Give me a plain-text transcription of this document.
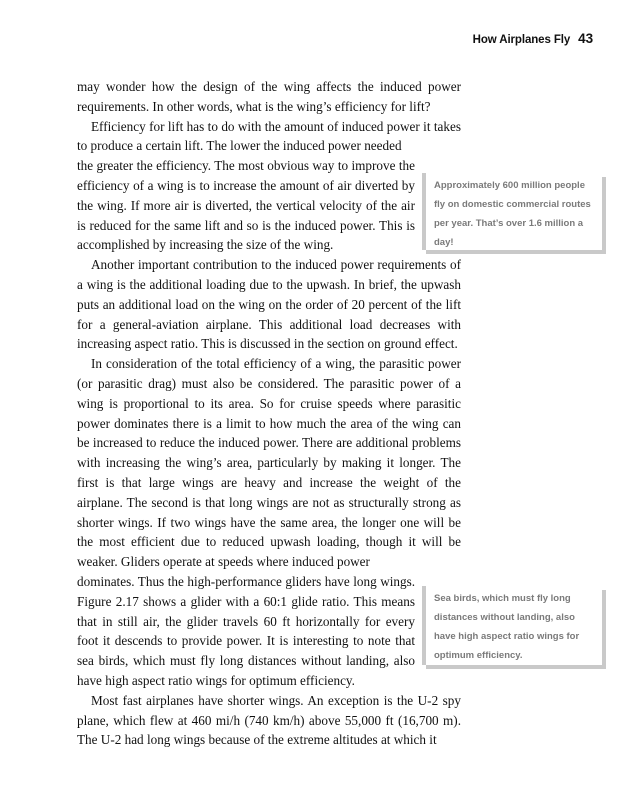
How Airplanes Fly 43

may wonder how the design of the wing affects the induced power requirements. In other words, what is the wing’s efficiency for lift?

Efficiency for lift has to do with the amount of induced power it takes to produce a certain lift. The lower the induced power needed

the greater the efficiency. The most obvious way to improve the efficiency of a wing is to increase the amount of air diverted by the wing. If more air is diverted, the vertical velocity of the air is reduced for the same lift and so is the induced power. This is accomplished by increasing the size of the wing.

Another important contribution to the induced power requirements of a wing is the additional loading due to the upwash. In brief, the upwash puts an additional load on the wing on the order of 20 percent of the lift for a general-aviation airplane. This additional load decreases with increasing aspect ratio. This is discussed in the section on ground effect.

In consideration of the total efficiency of a wing, the parasitic power (or parasitic drag) must also be considered. The parasitic power of a wing is proportional to its area. So for cruise speeds where parasitic power dominates there is a limit to how much the area of the wing can be increased to reduce the induced power. There are additional problems with increasing the wing’s area, particularly by making it longer. The first is that large wings are heavy and increase the weight of the airplane. The second is that long wings are not as structurally strong as shorter wings. If two wings have the same area, the longer one will be the most efficient due to reduced upwash loading, though it will be weaker. Gliders operate at speeds where induced power

dominates. Thus the high-performance gliders have long wings. Figure 2.17 shows a glider with a 60:1 glide ratio. This means that in still air, the glider travels 60 ft horizontally for every foot it descends to provide power. It is interesting to note that sea birds, which must fly long distances without landing, also have high aspect ratio wings for optimum efficiency.

Most fast airplanes have shorter wings. An exception is the U-2 spy plane, which flew at 460 mi/h (740 km/h) above 55,000 ft (16,700 m). The U-2 had long wings because of the extreme altitudes at which it

Approximately 600 million people fly on domestic commercial routes per year. That’s over 1.6 million a day!
Sea birds, which must fly long distances without landing, also have high aspect ratio wings for optimum efficiency.
